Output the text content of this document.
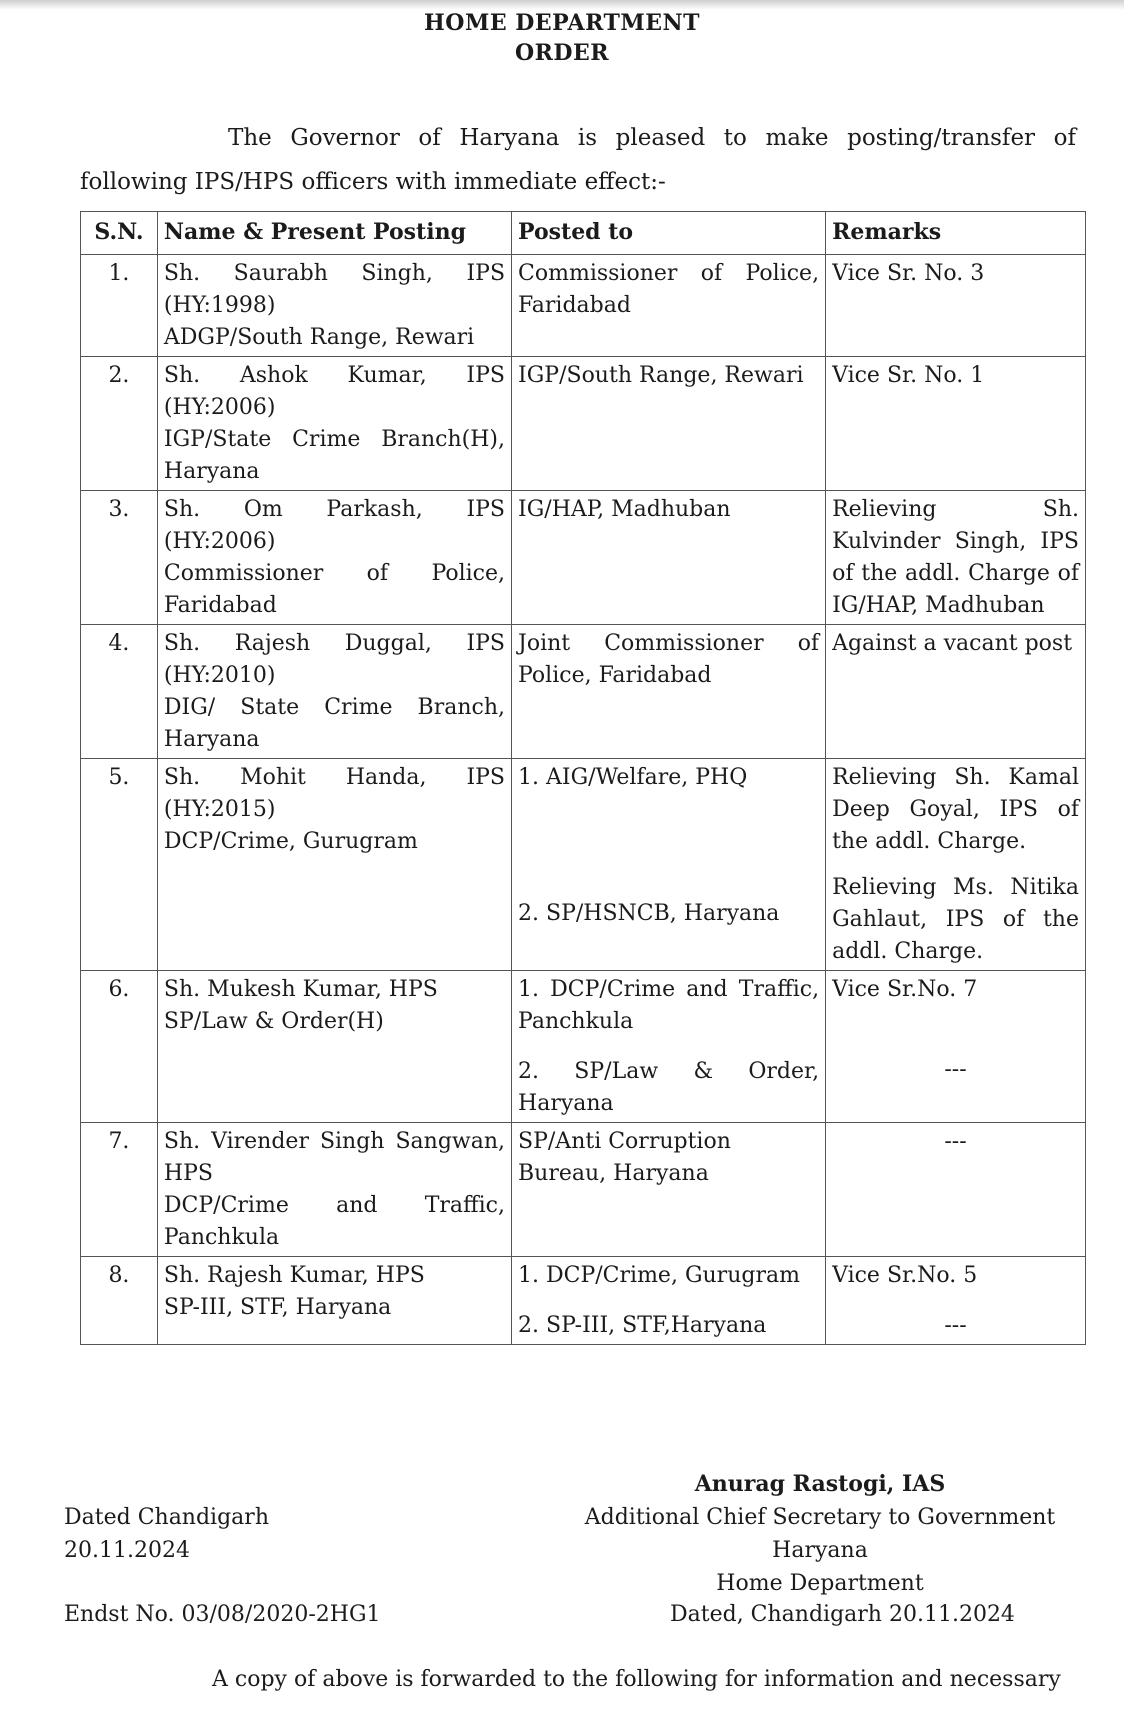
HOME DEPARTMENT
ORDER
The Governor of Haryana is pleased to make posting/transfer of following IPS/HPS officers with immediate effect:-
S.N.	Name & Present Posting	Posted to	Remarks
1.	Sh. Saurabh Singh, IPS
(HY:1998)
ADGP/South Range, Rewari	Commissioner of Police, Faridabad	Vice Sr. No. 3
2.	Sh. Ashok Kumar, IPS
(HY:2006)
IGP/State Crime Branch(H),
Haryana	IGP/South Range, Rewari	Vice Sr. No. 1
3.	Sh. Om Parkash, IPS
(HY:2006)
Commissioner of Police,
Faridabad	IG/HAP, Madhuban	Relieving Sh. Kulvinder Singh, IPS of the addl. Charge of IG/HAP, Madhuban
4.	Sh. Rajesh Duggal, IPS
(HY:2010)
DIG/ State Crime Branch,
Haryana	Joint Commissioner of Police, Faridabad	Against a vacant post
5.	Sh. Mohit Handa, IPS
(HY:2015)
DCP/Crime, Gurugram	1. AIG/Welfare, PHQ
2. SP/HSNCB, Haryana	Relieving Sh. Kamal Deep Goyal, IPS of the addl. Charge.
Relieving Ms. Nitika Gahlaut, IPS of the addl. Charge.

6.	Sh. Mukesh Kumar, HPS
SP/Law & Order(H)	1. DCP/Crime and Traffic, Panchkula
2. SP/Law & Order, Haryana	Vice Sr.No. 7
---

7.	Sh. Virender Singh Sangwan, HPS
DCP/Crime and Traffic, Panchkula	SP/Anti Corruption Bureau, Haryana	---
8.	Sh. Rajesh Kumar, HPS
SP-III, STF, Haryana	1. DCP/Crime, Gurugram
2. SP-III, STF,Haryana	Vice Sr.No. 5
---
Anurag Rastogi, IAS
Additional Chief Secretary to Government Haryana
Home Department
Dated Chandigarh
20.11.2024
Endst No. 03/08/2020-2HG1	Dated, Chandigarh 20.11.2024
A copy of above is forwarded to the following for information and necessary
